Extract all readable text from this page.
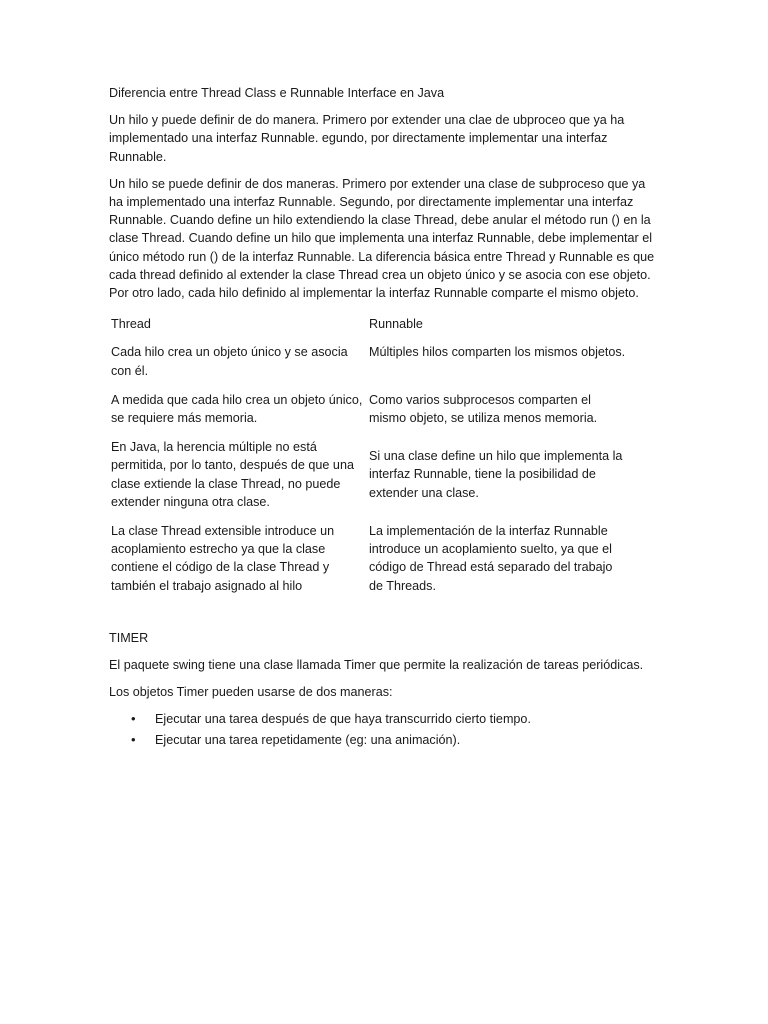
Diferencia entre Thread Class e Runnable Interface en Java
Un hilo y puede definir de do manera. Primero por extender una clae de ubproceo que ya ha implementado una interfaz Runnable. egundo, por directamente implementar una interfaz Runnable.
Un hilo se puede definir de dos maneras. Primero por extender una clase de subproceso que ya ha implementado una interfaz Runnable. Segundo, por directamente implementar una interfaz Runnable. Cuando define un hilo extendiendo la clase Thread, debe anular el método run () en la clase Thread. Cuando define un hilo que implementa una interfaz Runnable, debe implementar el único método run () de la interfaz Runnable. La diferencia básica entre Thread y Runnable es que cada thread definido al extender la clase Thread crea un objeto único y se asocia con ese objeto. Por otro lado, cada hilo definido al implementar la interfaz Runnable comparte el mismo objeto.
Thread	Runnable
Cada hilo crea un objeto único y se asocia con él.
Múltiples hilos comparten los mismos objetos.
A medida que cada hilo crea un objeto único, se requiere más memoria.
Como varios subprocesos comparten el mismo objeto, se utiliza menos memoria.
En Java, la herencia múltiple no está permitida, por lo tanto, después de que una clase extiende la clase Thread, no puede extender ninguna otra clase.
Si una clase define un hilo que implementa la interfaz Runnable, tiene la posibilidad de extender una clase.
La clase Thread extensible introduce un acoplamiento estrecho ya que la clase contiene el código de la clase Thread y también el trabajo asignado al hilo
La implementación de la interfaz Runnable introduce un acoplamiento suelto, ya que el código de Thread está separado del trabajo de Threads.
TIMER
El paquete swing tiene una clase llamada Timer que permite la realización de tareas periódicas.
Los objetos Timer pueden usarse de dos maneras:
• Ejecutar una tarea después de que haya transcurrido cierto tiempo.
• Ejecutar una tarea repetidamente (eg: una animación).
